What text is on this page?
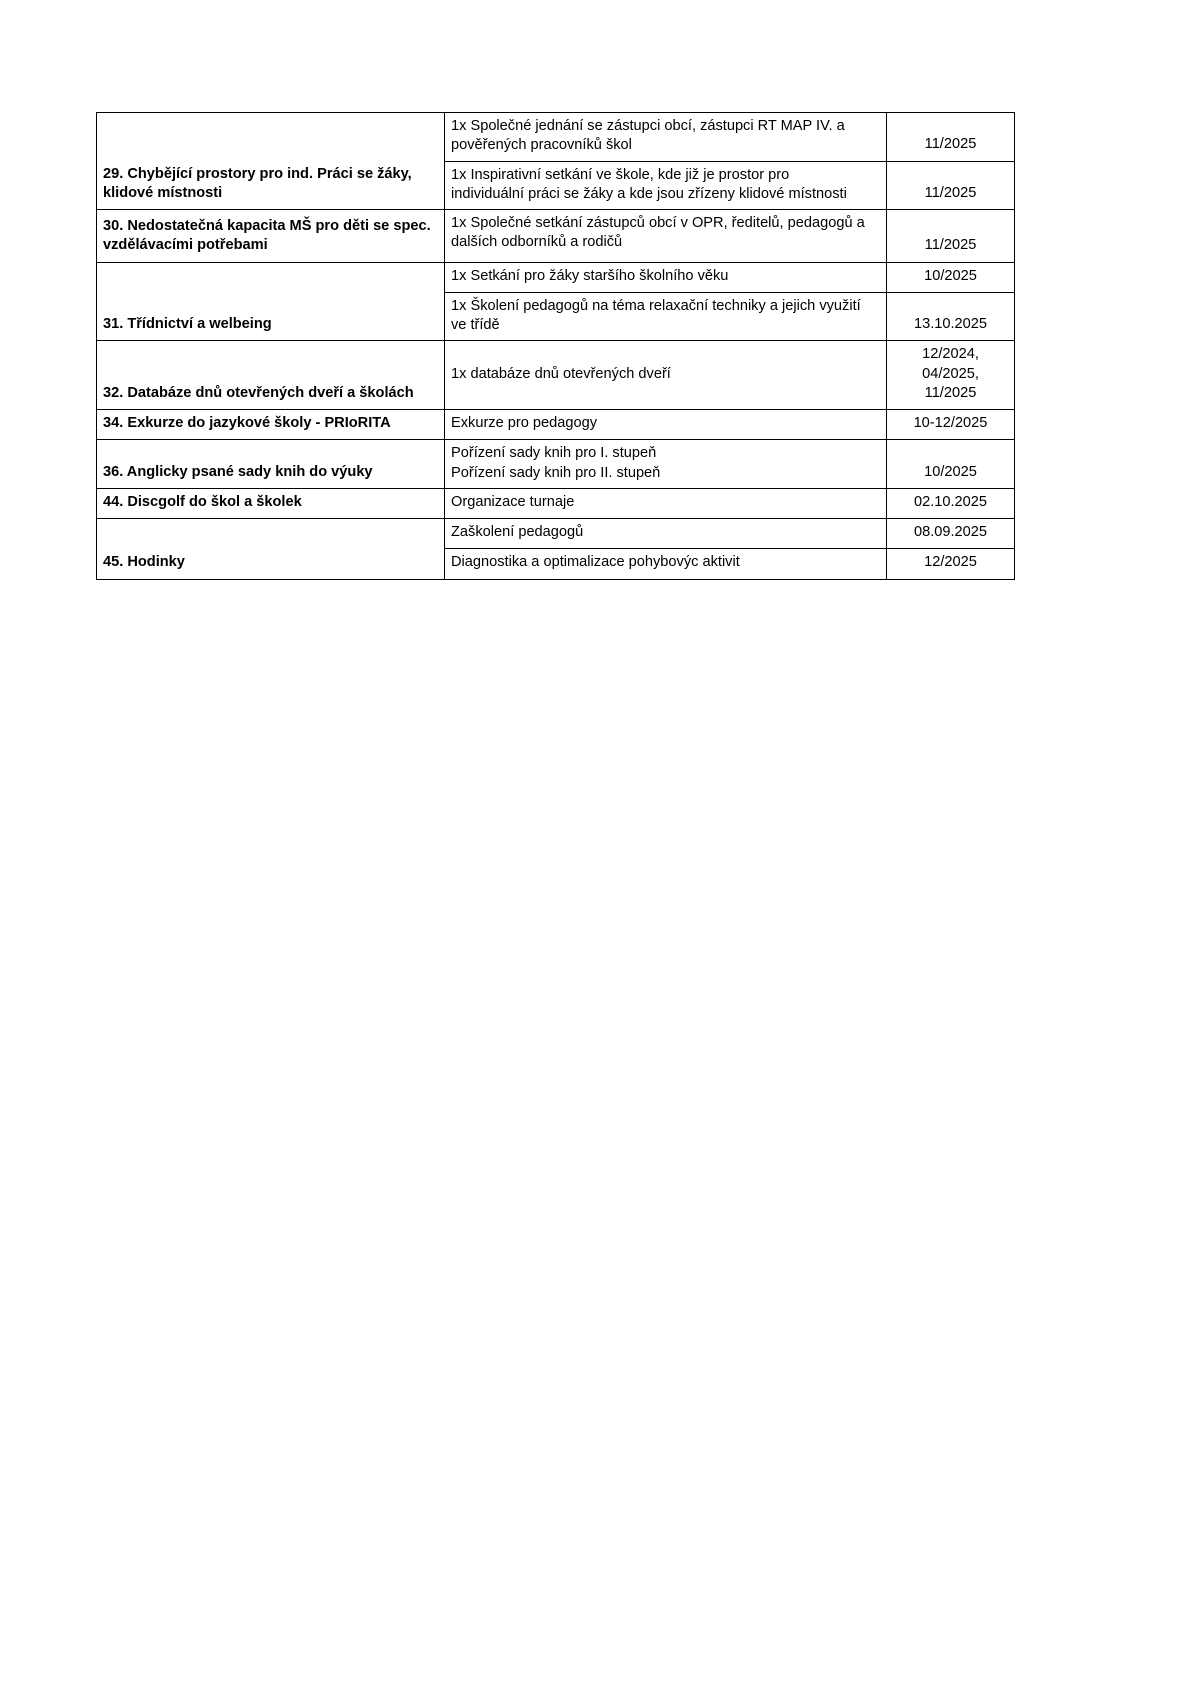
29. Chybějící prostory pro ind. Práci se žáky,
klidové místnosti	1x Společné jednání se zástupci obcí, zástupci RT MAP IV. a
pověřených pracovníků škol	11/2025

	1x Inspirativní setkání ve škole, kde již je prostor pro
individuální práci se žáky a kde jsou zřízeny klidové místnosti	11/2025

30. Nedostatečná kapacita MŠ pro děti se spec.
vzdělávacími potřebami	1x Společné setkání zástupců obcí v OPR, ředitelů, pedagogů a
dalších odborníků a rodičů	11/2025

31. Třídnictví a welbeing	1x Setkání pro žáky staršího školního věku	10/2025

	1x Školení pedagogů na téma relaxační techniky a jejich využití
ve třídě	13.10.2025

32. Databáze dnů otevřených dveří a školách	1x databáze dnů otevřených dveří	12/2024, 04/2025,
11/2025

34. Exkurze do jazykové školy - PRIoRITA	Exkurze pro pedagogy	10-12/2025

36. Anglicky psané sady knih do výuky	Pořízení sady knih pro I. stupeň
Pořízení sady knih pro II. stupeň	10/2025

44. Discgolf do škol a školek	Organizace turnaje	02.10.2025

45. Hodinky	Zaškolení pedagogů	08.09.2025

	Diagnostika a optimalizace pohybovýc aktivit	12/2025
